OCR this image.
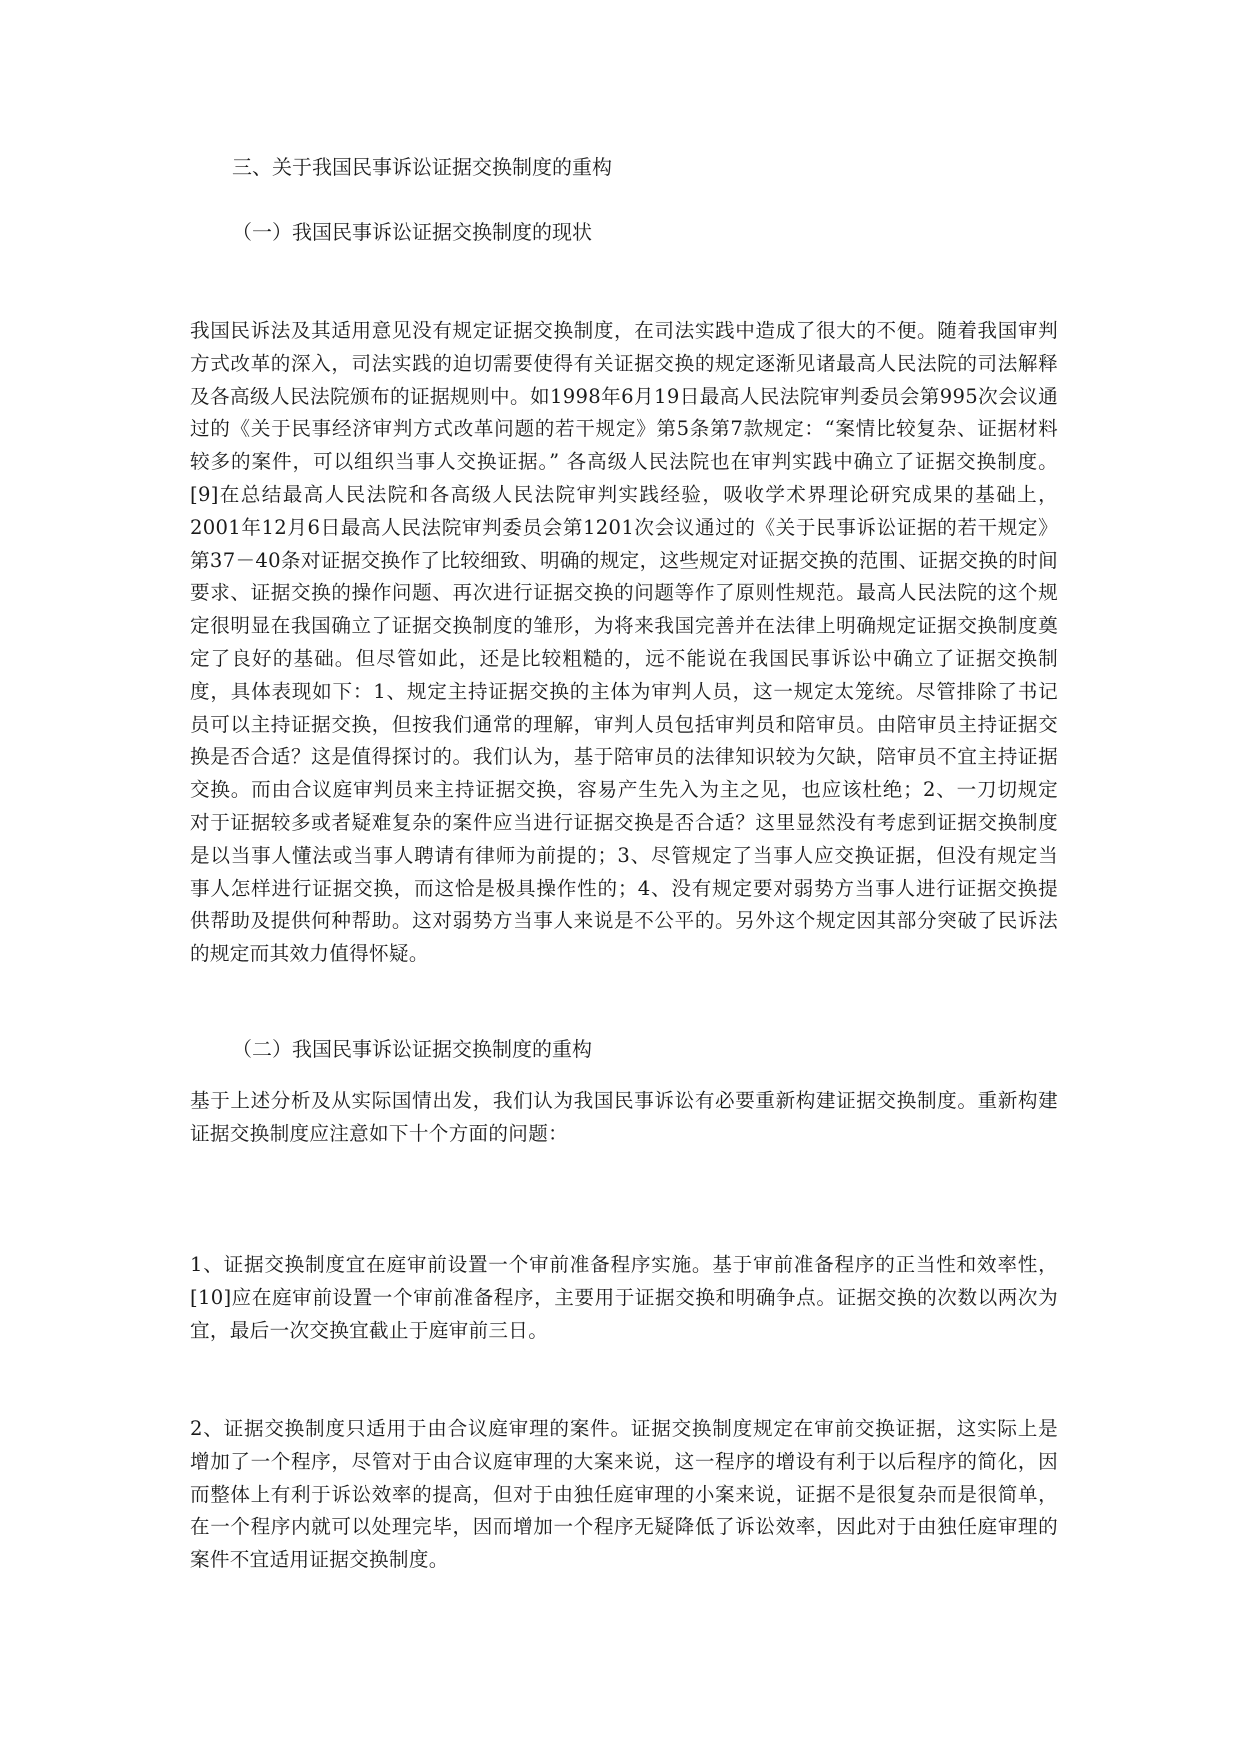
三、关于我国民事诉讼证据交换制度的重构
（一）我国民事诉讼证据交换制度的现状

我国民诉法及其适用意见没有规定证据交换制度，在司法实践中造成了很大的不便。随着我国审判方式改革的深入，司法实践的迫切需要使得有关证据交换的规定逐渐见诸最高人民法院的司法解释及各高级人民法院颁布的证据规则中。如1998年6月19日最高人民法院审判委员会第995次会议通过的《关于民事经济审判方式改革问题的若干规定》第5条第7款规定：“案情比较复杂、证据材料较多的案件，可以组织当事人交换证据。” 各高级人民法院也在审判实践中确立了证据交换制度。[9]在总结最高人民法院和各高级人民法院审判实践经验，吸收学术界理论研究成果的基础上，2001年12月6日最高人民法院审判委员会第1201次会议通过的《关于民事诉讼证据的若干规定》第37－40条对证据交换作了比较细致、明确的规定，这些规定对证据交换的范围、证据交换的时间要求、证据交换的操作问题、再次进行证据交换的问题等作了原则性规范。最高人民法院的这个规定很明显在我国确立了证据交换制度的雏形，为将来我国完善并在法律上明确规定证据交换制度奠定了良好的基础。但尽管如此，还是比较粗糙的，远不能说在我国民事诉讼中确立了证据交换制度，具体表现如下：1、规定主持证据交换的主体为审判人员，这一规定太笼统。尽管排除了书记员可以主持证据交换，但按我们通常的理解，审判人员包括审判员和陪审员。由陪审员主持证据交换是否合适？这是值得探讨的。我们认为，基于陪审员的法律知识较为欠缺，陪审员不宜主持证据交换。而由合议庭审判员来主持证据交换，容易产生先入为主之见，也应该杜绝；2、一刀切规定对于证据较多或者疑难复杂的案件应当进行证据交换是否合适？这里显然没有考虑到证据交换制度是以当事人懂法或当事人聘请有律师为前提的；3、尽管规定了当事人应交换证据，但没有规定当事人怎样进行证据交换，而这恰是极具操作性的；4、没有规定要对弱势方当事人进行证据交换提供帮助及提供何种帮助。这对弱势方当事人来说是不公平的。另外这个规定因其部分突破了民诉法的规定而其效力值得怀疑。

（二）我国民事诉讼证据交换制度的重构

基于上述分析及从实际国情出发，我们认为我国民事诉讼有必要重新构建证据交换制度。重新构建证据交换制度应注意如下十个方面的问题：

1、证据交换制度宜在庭审前设置一个审前准备程序实施。基于审前准备程序的正当性和效率性，[10]应在庭审前设置一个审前准备程序，主要用于证据交换和明确争点。证据交换的次数以两次为宜，最后一次交换宜截止于庭审前三日。

2、证据交换制度只适用于由合议庭审理的案件。证据交换制度规定在审前交换证据，这实际上是增加了一个程序，尽管对于由合议庭审理的大案来说，这一程序的增设有利于以后程序的简化，因而整体上有利于诉讼效率的提高，但对于由独任庭审理的小案来说，证据不是很复杂而是很简单，在一个程序内就可以处理完毕，因而增加一个程序无疑降低了诉讼效率，因此对于由独任庭审理的案件不宜适用证据交换制度。
